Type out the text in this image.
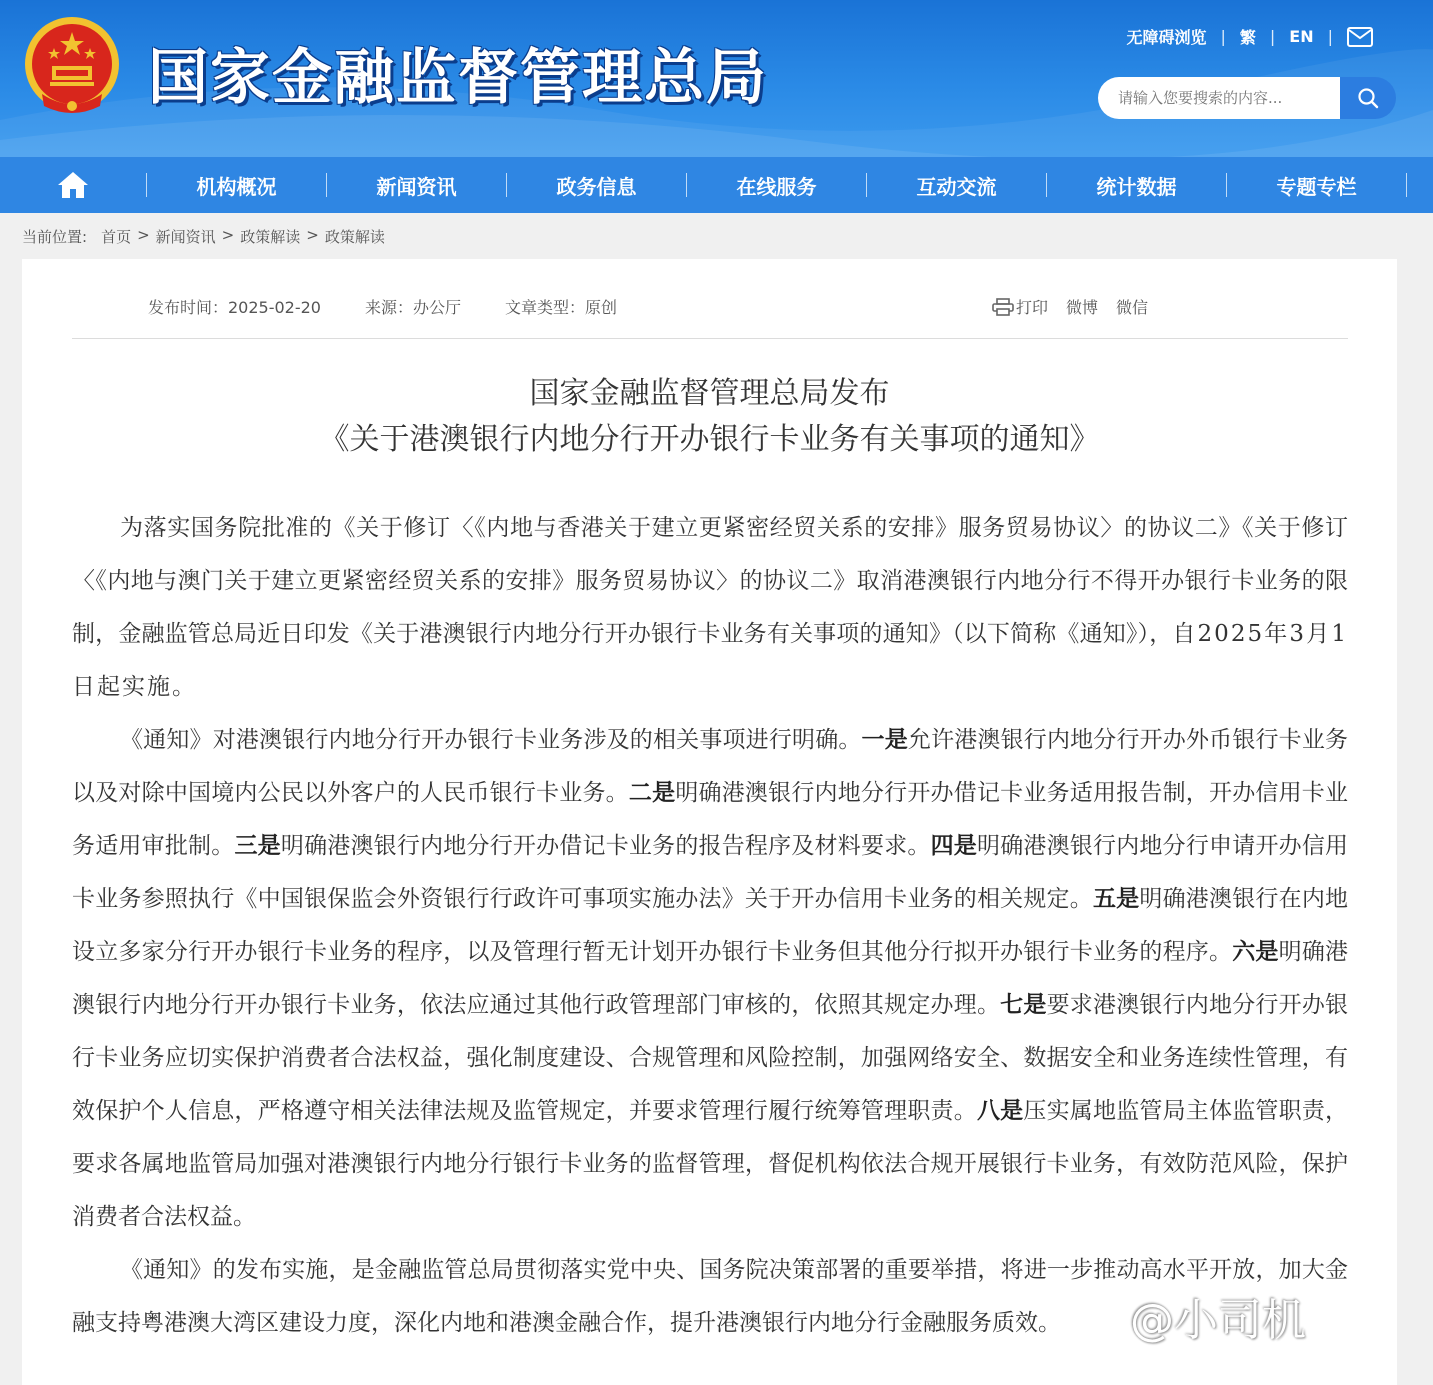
国家金融监督管理总局
无障碍浏览 | 繁 | EN |
请输入您要搜索的内容...
机构概况	新闻资讯	政务信息	在线服务	互动交流	统计数据	专题专栏
当前位置: 首页 > 新闻资讯 > 政策解读 > 政策解读
发布时间：2025-02-20	来源：办公厅	文章类型：原创	打印 微博 微信
国家金融监督管理总局发布
《关于港澳银行内地分行开办银行卡业务有关事项的通知》

为落实国务院批准的《关于修订〈《内地与香港关于建立更紧密经贸关系的安排》服务贸易协议〉的协议二》《关于修订〈《内地与澳门关于建立更紧密经贸关系的安排》服务贸易协议〉的协议二》取消港澳银行内地分行不得开办银行卡业务的限制，金融监管总局近日印发《关于港澳银行内地分行开办银行卡业务有关事项的通知》（以下简称《通知》），自2025年3月1日起实施。

《通知》对港澳银行内地分行开办银行卡业务涉及的相关事项进行明确。一是允许港澳银行内地分行开办外币银行卡业务以及对除中国境内公民以外客户的人民币银行卡业务。二是明确港澳银行内地分行开办借记卡业务适用报告制，开办信用卡业务适用审批制。三是明确港澳银行内地分行开办借记卡业务的报告程序及材料要求。四是明确港澳银行内地分行申请开办信用卡业务参照执行《中国银保监会外资银行行政许可事项实施办法》关于开办信用卡业务的相关规定。五是明确港澳银行在内地设立多家分行开办银行卡业务的程序，以及管理行暂无计划开办银行卡业务但其他分行拟开办银行卡业务的程序。六是明确港澳银行内地分行开办银行卡业务，依法应通过其他行政管理部门审核的，依照其规定办理。七是要求港澳银行内地分行开办银行卡业务应切实保护消费者合法权益，强化制度建设、合规管理和风险控制，加强网络安全、数据安全和业务连续性管理，有效保护个人信息，严格遵守相关法律法规及监管规定，并要求管理行履行统筹管理职责。八是压实属地监管局主体监管职责，要求各属地监管局加强对港澳银行内地分行银行卡业务的监督管理，督促机构依法合规开展银行卡业务，有效防范风险，保护消费者合法权益。

《通知》的发布实施，是金融监管总局贯彻落实党中央、国务院决策部署的重要举措，将进一步推动高水平开放，加大金融支持粤港澳大湾区建设力度，深化内地和港澳金融合作，提升港澳银行内地分行金融服务质效。	@小司机
